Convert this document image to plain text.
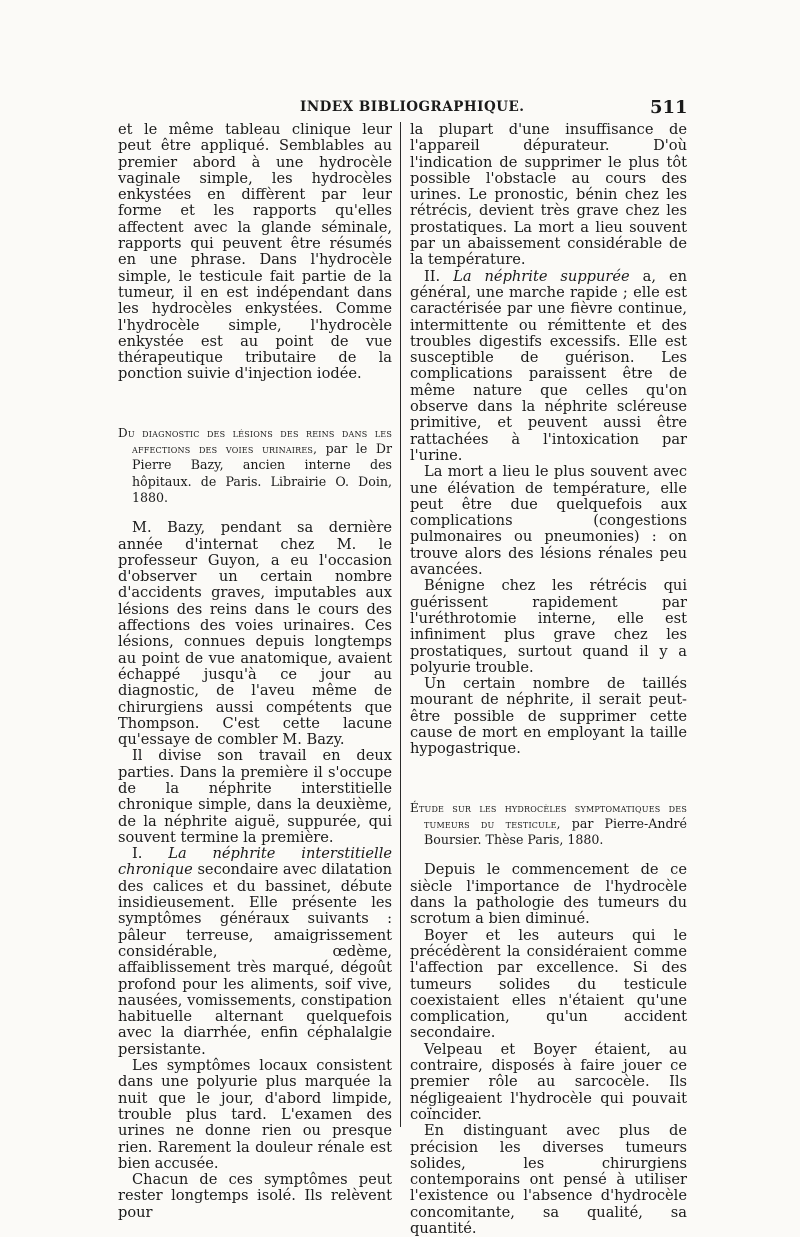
INDEX BIBLIOGRAPHIQUE.	511

et le même tableau clinique leur peut être appliqué. Semblables au premier abord à une hydrocèle vaginale simple, les hydrocèles enkystées en diffèrent par leur forme et les rapports qu'elles affectent avec la glande séminale, rapports qui peuvent être résumés en une phrase. Dans l'hydrocèle simple, le testicule fait partie de la tumeur, il en est indépendant dans les hydrocèles enkystées. Comme l'hydrocèle simple, l'hydrocèle enkystée est au point de vue thérapeutique tributaire de la ponction suivie d'injection iodée.

Du diagnostic des lésions des reins dans les affections des voies urinaires, par le Dr Pierre Bazy, ancien interne des hôpitaux. de Paris. Librairie O. Doin, 1880.

M. Bazy, pendant sa dernière année d'internat chez M. le professeur Guyon, a eu l'occasion d'observer un certain nombre d'accidents graves, imputables aux lésions des reins dans le cours des affections des voies urinaires. Ces lésions, connues depuis longtemps au point de vue anatomique, avaient échappé jusqu'à ce jour au diagnostic, de l'aveu même de chirurgiens aussi compétents que Thompson. C'est cette lacune qu'essaye de combler M. Bazy.

Il divise son travail en deux parties. Dans la première il s'occupe de la néphrite interstitielle chronique simple, dans la deuxième, de la néphrite aiguë, suppurée, qui souvent termine la première.

I. La néphrite interstitielle chronique secondaire avec dilatation des calices et du bassinet, débute insidieusement. Elle présente les symptômes généraux suivants : pâleur terreuse, amaigrissement considérable, œdème, affaiblissement très marqué, dégoût profond pour les aliments, soif vive, nausées, vomissements, constipation habituelle alternant quelquefois avec la diarrhée, enfin céphalalgie persistante.

Les symptômes locaux consistent dans une polyurie plus marquée la nuit que le jour, d'abord limpide, trouble plus tard. L'examen des urines ne donne rien ou presque rien. Rarement la douleur rénale est bien accusée.

Chacun de ces symptômes peut rester longtemps isolé. Ils relèvent pour

la plupart d'une insuffisance de l'appareil dépurateur. D'où l'indication de supprimer le plus tôt possible l'obstacle au cours des urines. Le pronostic, bénin chez les rétrécis, devient très grave chez les prostatiques. La mort a lieu souvent par un abaissement considérable de la température.

II. La néphrite suppurée a, en général, une marche rapide ; elle est caractérisée par une fièvre continue, intermittente ou rémittente et des troubles digestifs excessifs. Elle est susceptible de guérison. Les complications paraissent être de même nature que celles qu'on observe dans la néphrite scléreuse primitive, et peuvent aussi être rattachées à l'intoxication par l'urine.

La mort a lieu le plus souvent avec une élévation de température, elle peut être due quelquefois aux complications (congestions pulmonaires ou pneumonies) : on trouve alors des lésions rénales peu avancées.

Bénigne chez les rétrécis qui guérissent rapidement par l'uréthrotomie interne, elle est infiniment plus grave chez les prostatiques, surtout quand il y a polyurie trouble.

Un certain nombre de taillés mourant de néphrite, il serait peut-être possible de supprimer cette cause de mort en employant la taille hypogastrique.

Étude sur les hydrocèles symptomatiques des tumeurs du testicule, par Pierre-André Boursier. Thèse Paris, 1880.

Depuis le commencement de ce siècle l'importance de l'hydrocèle dans la pathologie des tumeurs du scrotum a bien diminué.

Boyer et les auteurs qui le précédèrent la considéraient comme l'affection par excellence. Si des tumeurs solides du testicule coexistaient elles n'étaient qu'une complication, qu'un accident secondaire.

Velpeau et Boyer étaient, au contraire, disposés à faire jouer ce premier rôle au sarcocèle. Ils négligeaient l'hydrocèle qui pouvait coïncider.

En distinguant avec plus de précision les diverses tumeurs solides, les chirurgiens contemporains ont pensé à utiliser l'existence ou l'absence d'hydrocèle concomitante, sa qualité, sa quantité.
